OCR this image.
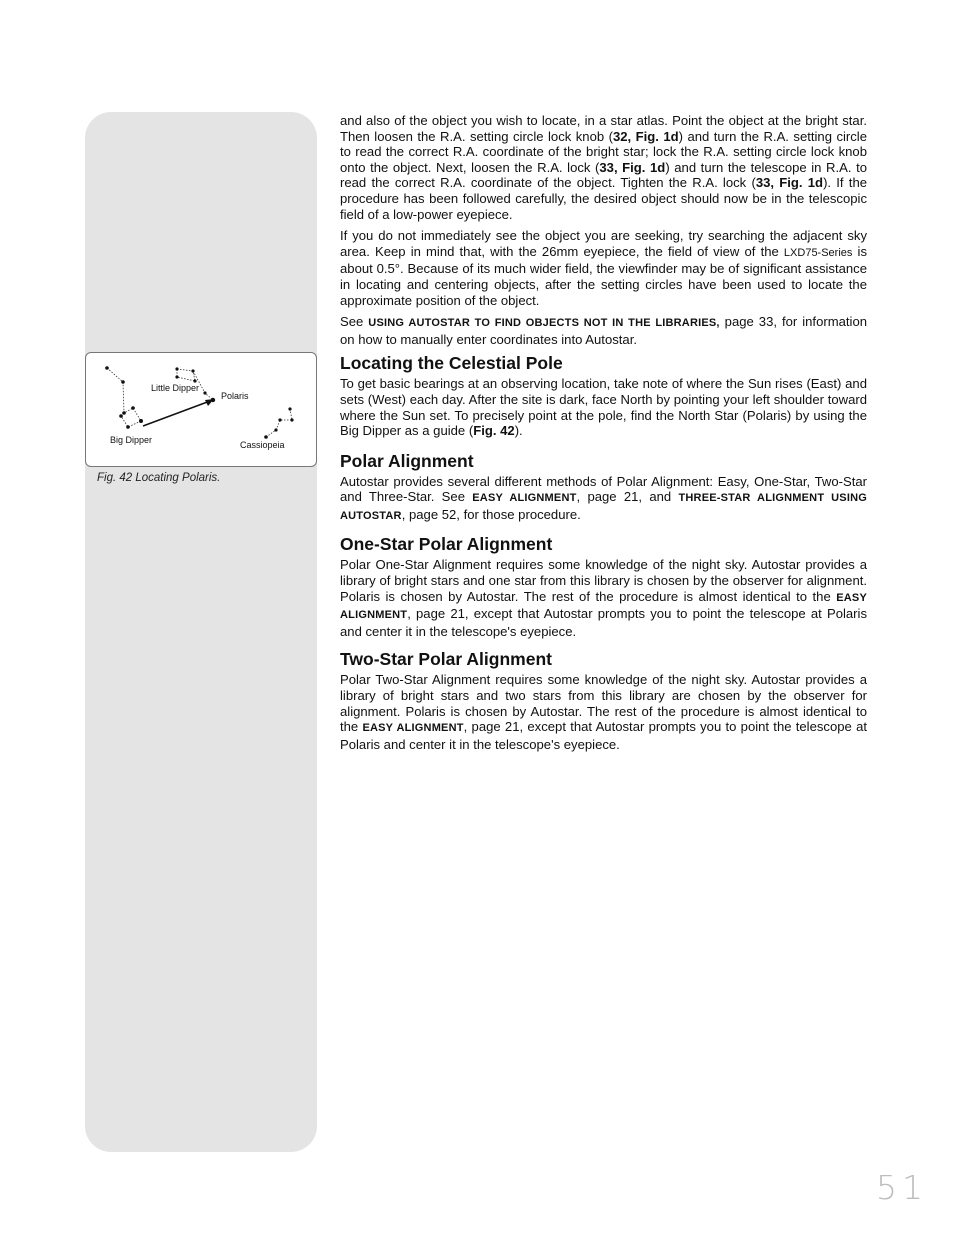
Little Dipper
Polaris
Big Dipper	Cassiopeia
Fig. 42 Locating Polaris.

and also of the object you wish to locate, in a star atlas. Point the object at the bright star. Then loosen the R.A. setting circle lock knob (32, Fig. 1d) and turn the R.A. setting circle to read the correct R.A. coordinate of the bright star; lock the R.A. setting circle lock knob onto the object. Next, loosen the R.A. lock (33, Fig. 1d) and turn the telescope in R.A. to read the correct R.A. coordinate of the object. Tighten the R.A. lock (33, Fig. 1d). If the procedure has been followed carefully, the desired object should now be in the telescopic field of a low-power eyepiece.

If you do not immediately see the object you are seeking, try searching the adjacent sky area. Keep in mind that, with the 26mm eyepiece, the field of view of the LXD75-Series is about 0.5°. Because of its much wider field, the viewfinder may be of significant assistance in locating and centering objects, after the setting circles have been used to locate the approximate position of the object.

See USING AUTOSTAR TO FIND OBJECTS NOT IN THE LIBRARIES, page 33, for information on how to manually enter coordinates into Autostar.

Locating the Celestial Pole

To get basic bearings at an observing location, take note of where the Sun rises (East) and sets (West) each day. After the site is dark, face North by pointing your left shoulder toward where the Sun set. To precisely point at the pole, find the North Star (Polaris) by using the Big Dipper as a guide (Fig. 42).

Polar Alignment

Autostar provides several different methods of Polar Alignment: Easy, One-Star, Two-Star and Three-Star. See EASY ALIGNMENT, page 21, and THREE-STAR ALIGNMENT USING AUTOSTAR, page 52, for those procedure.

One-Star Polar Alignment

Polar One-Star Alignment requires some knowledge of the night sky. Autostar provides a library of bright stars and one star from this library is chosen by the observer for alignment. Polaris is chosen by Autostar. The rest of the procedure is almost identical to the EASY ALIGNMENT, page 21, except that Autostar prompts you to point the telescope at Polaris and center it in the telescope's eyepiece.

Two-Star Polar Alignment

Polar Two-Star Alignment requires some knowledge of the night sky. Autostar provides a library of bright stars and two stars from this library are chosen by the observer for alignment. Polaris is chosen by Autostar. The rest of the procedure is almost identical to the EASY ALIGNMENT, page 21, except that Autostar prompts you to point the telescope at Polaris and center it in the telescope's eyepiece.

51
